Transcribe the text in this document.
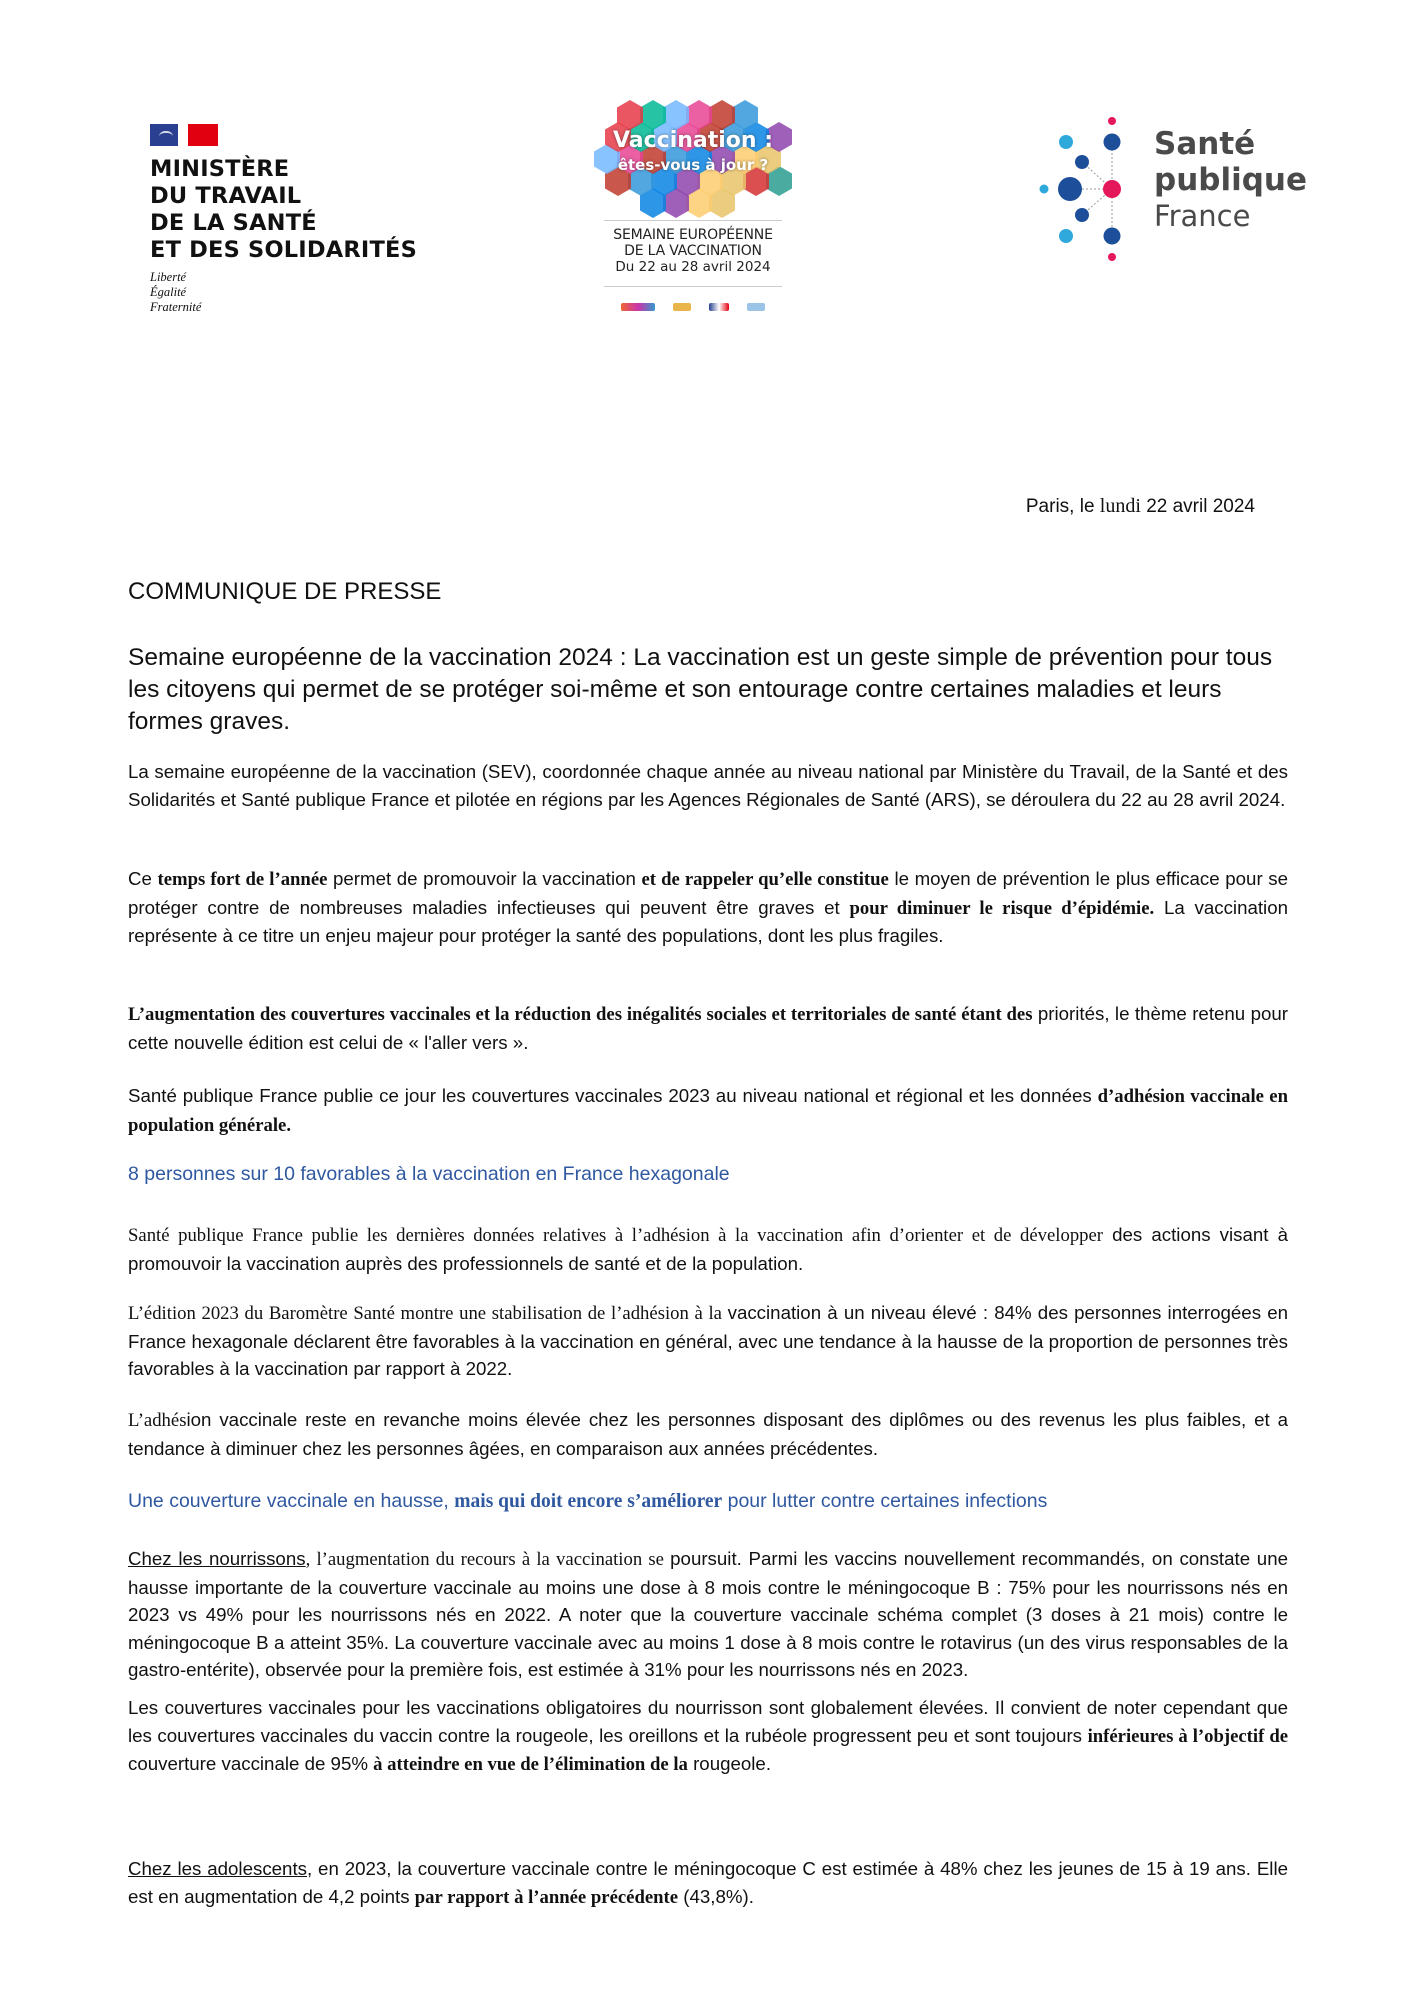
MINISTÈRE
DU TRAVAIL
DE LA SANTÉ
ET DES SOLIDARITÉS
Liberté
Égalité
Fraternité
Vaccination :
êtes-vous à jour ?
SEMAINE EUROPÉENNE
DE LA VACCINATION
Du 22 au 28 avril 2024
Santé
publique
France
Paris, le lundi 22 avril 2024
COMMUNIQUE DE PRESSE
Semaine européenne de la vaccination 2024 : La vaccination est un geste simple de prévention pour tous les citoyens qui permet de se protéger soi-même et son entourage contre certaines maladies et leurs formes graves.
La semaine européenne de la vaccination (SEV), coordonnée chaque année au niveau national par Ministère du Travail, de la Santé et des Solidarités et Santé publique France et pilotée en régions par les Agences Régionales de Santé (ARS), se déroulera du 22 au 28 avril 2024.
Ce temps fort de l’année permet de promouvoir la vaccination et de rappeler qu’elle constitue le moyen de prévention le plus efficace pour se protéger contre de nombreuses maladies infectieuses qui peuvent être graves et pour diminuer le risque d’épidémie. La vaccination représente à ce titre un enjeu majeur pour protéger la santé des populations, dont les plus fragiles.
L’augmentation des couvertures vaccinales et la réduction des inégalités sociales et territoriales de santé étant des priorités, le thème retenu pour cette nouvelle édition est celui de « l'aller vers ».
Santé publique France publie ce jour les couvertures vaccinales 2023 au niveau national et régional et les données d’adhésion vaccinale en population générale.
8 personnes sur 10 favorables à la vaccination en France hexagonale
Santé publique France publie les dernières données relatives à l’adhésion à la vaccination afin d’orienter et de développer des actions visant à promouvoir la vaccination auprès des professionnels de santé et de la population.
L’édition 2023 du Baromètre Santé montre une stabilisation de l’adhésion à la vaccination à un niveau élevé : 84% des personnes interrogées en France hexagonale déclarent être favorables à la vaccination en général, avec une tendance à la hausse de la proportion de personnes très favorables à la vaccination par rapport à 2022.
L’adhésion vaccinale reste en revanche moins élevée chez les personnes disposant des diplômes ou des revenus les plus faibles, et a tendance à diminuer chez les personnes âgées, en comparaison aux années précédentes.
Une couverture vaccinale en hausse, mais qui doit encore s’améliorer pour lutter contre certaines infections
Chez les nourrissons, l’augmentation du recours à la vaccination se poursuit. Parmi les vaccins nouvellement recommandés, on constate une hausse importante de la couverture vaccinale au moins une dose à 8 mois contre le méningocoque B : 75% pour les nourrissons nés en 2023 vs 49% pour les nourrissons nés en 2022. A noter que la couverture vaccinale schéma complet (3 doses à 21 mois) contre le méningocoque B a atteint 35%. La couverture vaccinale avec au moins 1 dose à 8 mois contre le rotavirus (un des virus responsables de la gastro-entérite), observée pour la première fois, est estimée à 31% pour les nourrissons nés en 2023.
Les couvertures vaccinales pour les vaccinations obligatoires du nourrisson sont globalement élevées. Il convient de noter cependant que les couvertures vaccinales du vaccin contre la rougeole, les oreillons et la rubéole progressent peu et sont toujours inférieures à l’objectif de couverture vaccinale de 95% à atteindre en vue de l’élimination de la rougeole.
Chez les adolescents, en 2023, la couverture vaccinale contre le méningocoque C est estimée à 48% chez les jeunes de 15 à 19 ans. Elle est en augmentation de 4,2 points par rapport à l’année précédente (43,8%).
